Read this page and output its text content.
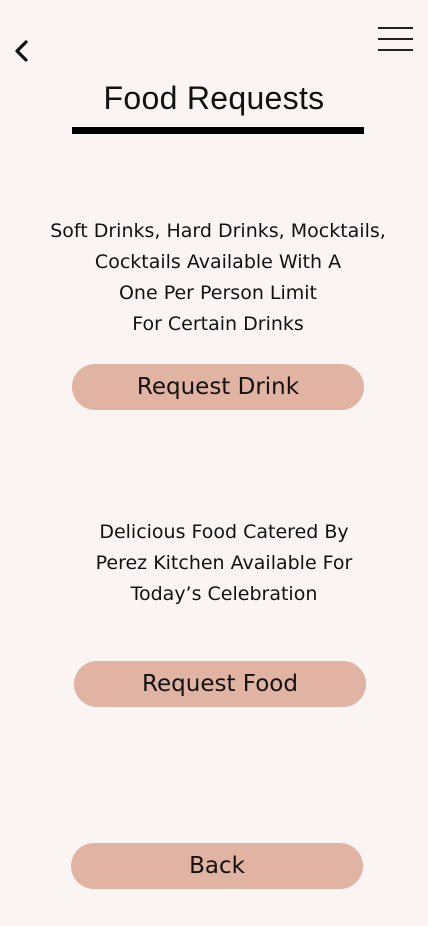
Food Requests

Soft Drinks, Hard Drinks, Mocktails,
Cocktails Available With A
One Per Person Limit
For Certain Drinks

Request Drink

Delicious Food Catered By
Perez Kitchen Available For
Today’s Celebration

Request Food
Back
